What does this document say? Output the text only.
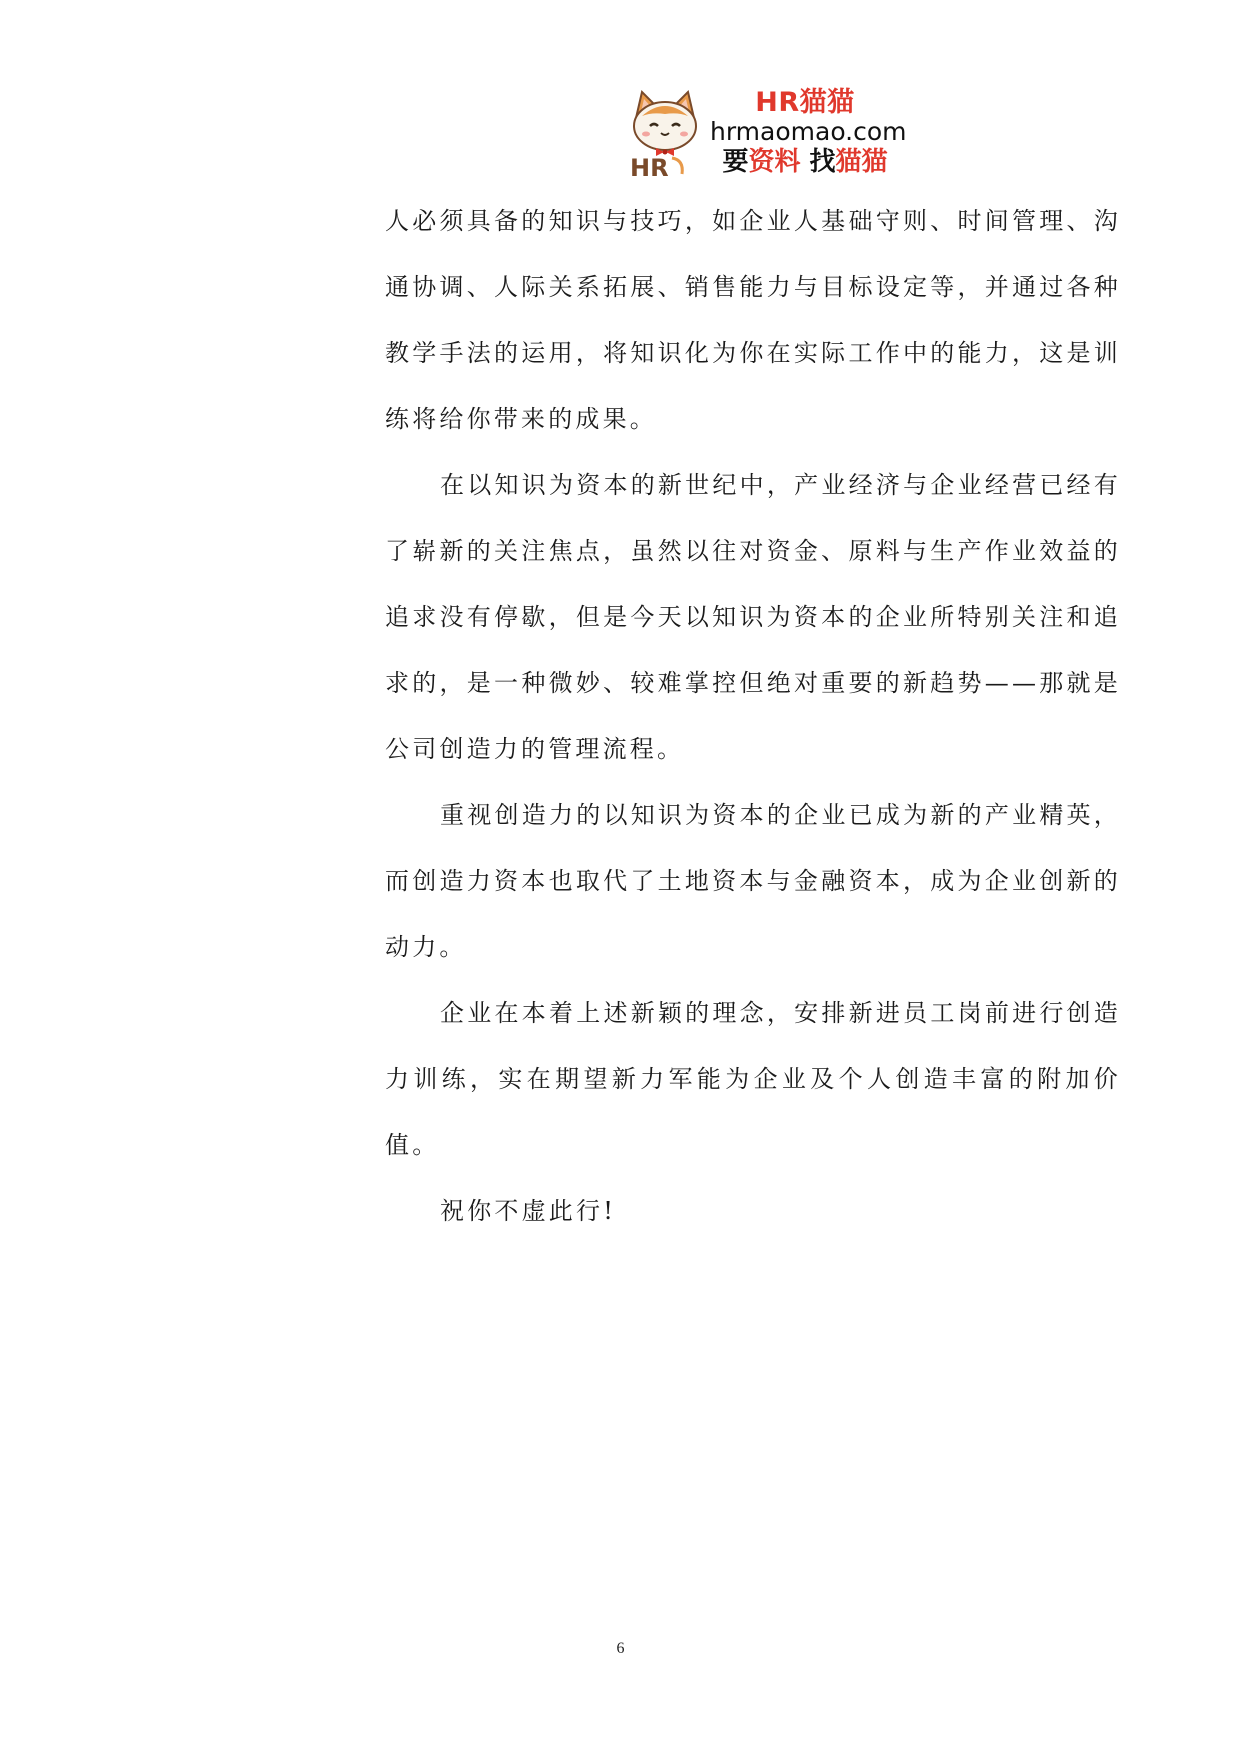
HR
HR猫猫
hrmaomao.com
要资料 找猫猫

人必须具备的知识与技巧，如企业人基础守则、时间管理、沟通协调、人际关系拓展、销售能力与目标设定等，并通过各种教学手法的运用，将知识化为你在实际工作中的能力，这是训练将给你带来的成果。

在以知识为资本的新世纪中，产业经济与企业经营已经有了崭新的关注焦点，虽然以往对资金、原料与生产作业效益的追求没有停歇，但是今天以知识为资本的企业所特别关注和追求的，是一种微妙、较难掌控但绝对重要的新趋势——那就是公司创造力的管理流程。

重视创造力的以知识为资本的企业已成为新的产业精英，而创造力资本也取代了土地资本与金融资本，成为企业创新的动力。

企业在本着上述新颖的理念，安排新进员工岗前进行创造力训练，实在期望新力军能为企业及个人创造丰富的附加价值。

祝你不虚此行!

6
